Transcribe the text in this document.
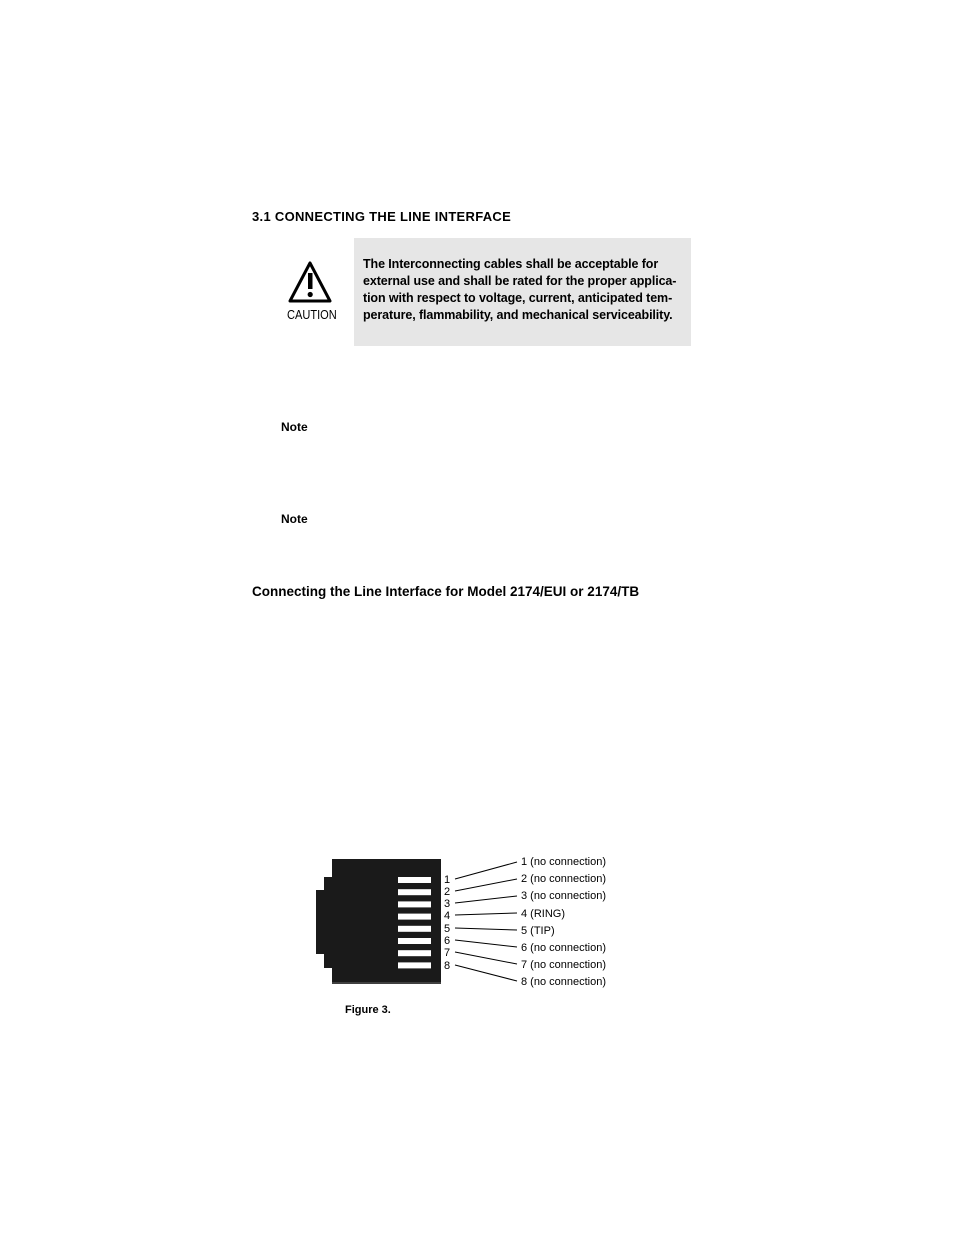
3.1 CONNECTING THE LINE INTERFACE
CAUTION
The Interconnecting cables shall be acceptable for
external use and shall be rated for the proper applica-
tion with respect to voltage, current, anticipated tem-
perature, flammability, and mechanical serviceability.
Note
Note
Connecting the Line Interface for Model 2174/EUI or 2174/TB
1
2
3
4
5
6
7
8
1 (no connection)
2 (no connection)
3 (no connection)
4 (RING)
5 (TIP)
6 (no connection)
7 (no connection)
8 (no connection)
Figure 3.
